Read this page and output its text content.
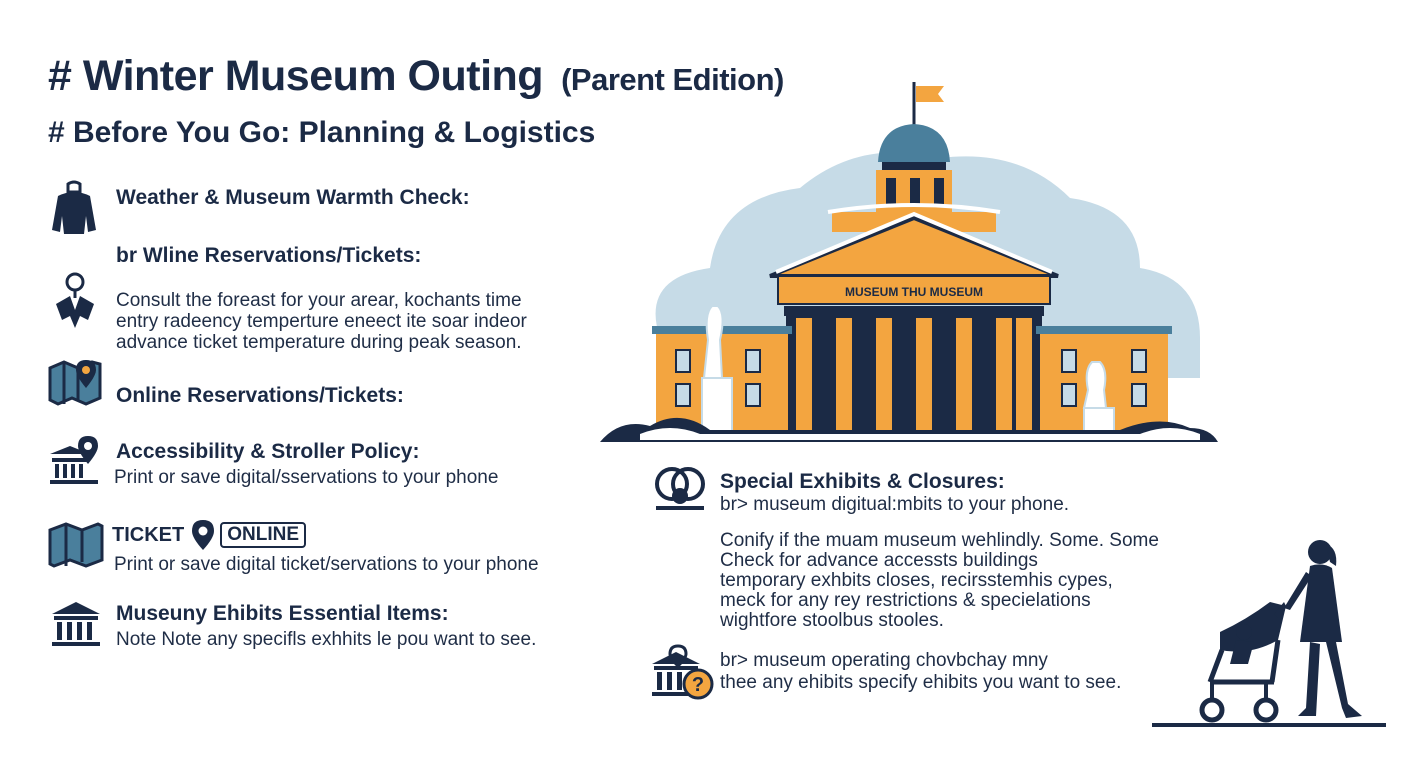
# Winter Museum Outing (Parent Edition)
# Before You Go: Planning & Logistics
Weather & Museum Warmth Check:
br Wline Reservations/Tickets:
Consult the foreast for your arear, kochants time
entry radeency temperture eneect ite soar indeor
advance ticket temperature during peak season.
Online Reservations/Tickets:
Accessibility & Stroller Policy:
Print or save digital/sservations to your phone
TICKET	ONLINE
Print or save digital ticket/servations to your phone
Museuny Ehibits Essential Items:
Note Note any specifls exhhits le pou want to see.
MUSEUM THU MUSEUM
Special Exhibits & Closures:
br> museum digitual:mbits to your phone.
Conify if the muam museum wehlindly. Some. Some
Check for advance accessts buildings
temporary exhbits closes, recirsstemhis cypes,
meck for any rey restrictions & specielations
wightfore stoolbus stooles.
?
br> museum operating chovbchay mny
thee any ehibits specify ehibits you want to see.
